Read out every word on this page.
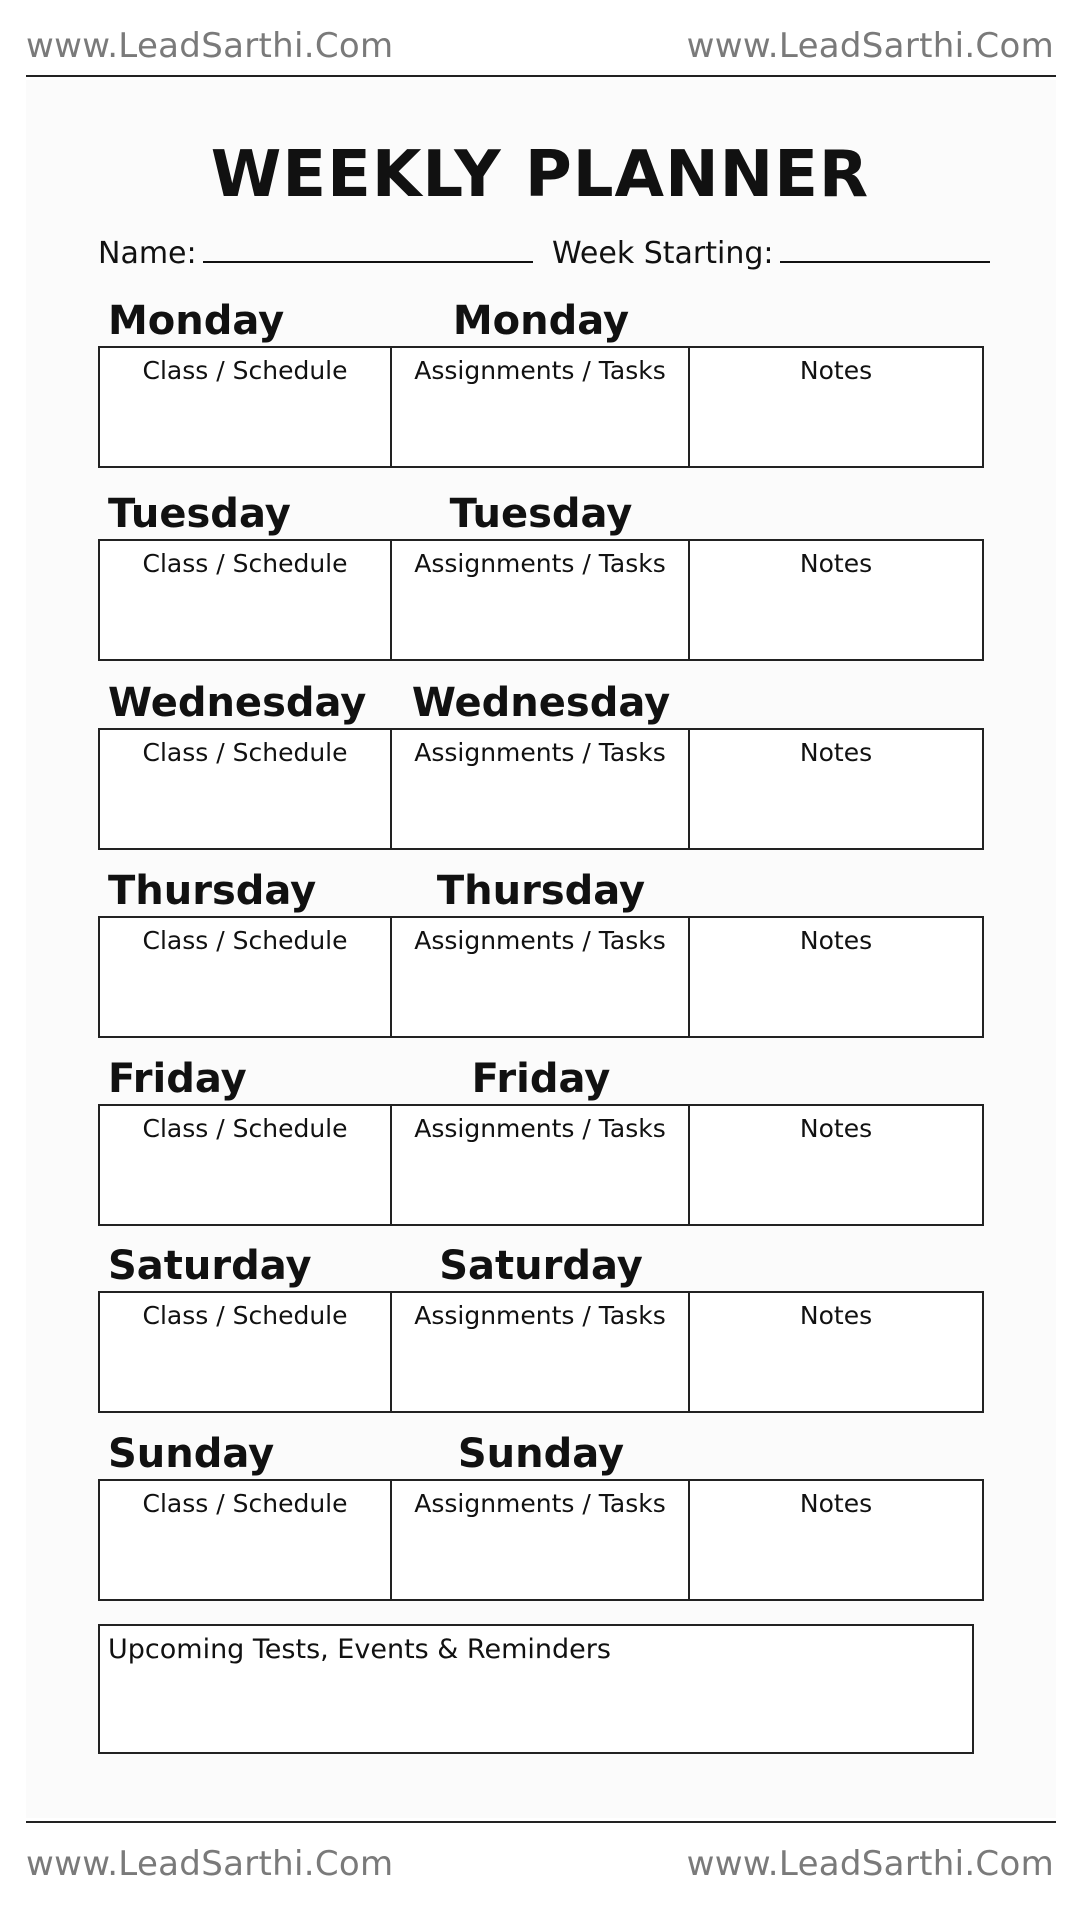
www.LeadSarthi.Com	www.LeadSarthi.Com
WEEKLY PLANNER
Name:	Week Starting:
Monday	Monday
Class / Schedule	Assignments / Tasks	Notes
Tuesday	Tuesday
Class / Schedule	Assignments / Tasks	Notes
Wednesday	Wednesday
Class / Schedule	Assignments / Tasks	Notes
Thursday	Thursday
Class / Schedule	Assignments / Tasks	Notes
Friday	Friday
Class / Schedule	Assignments / Tasks	Notes
Saturday	Saturday
Class / Schedule	Assignments / Tasks	Notes
Sunday	Sunday
Class / Schedule	Assignments / Tasks	Notes
Upcoming Tests, Events & Reminders
www.LeadSarthi.Com	www.LeadSarthi.Com
